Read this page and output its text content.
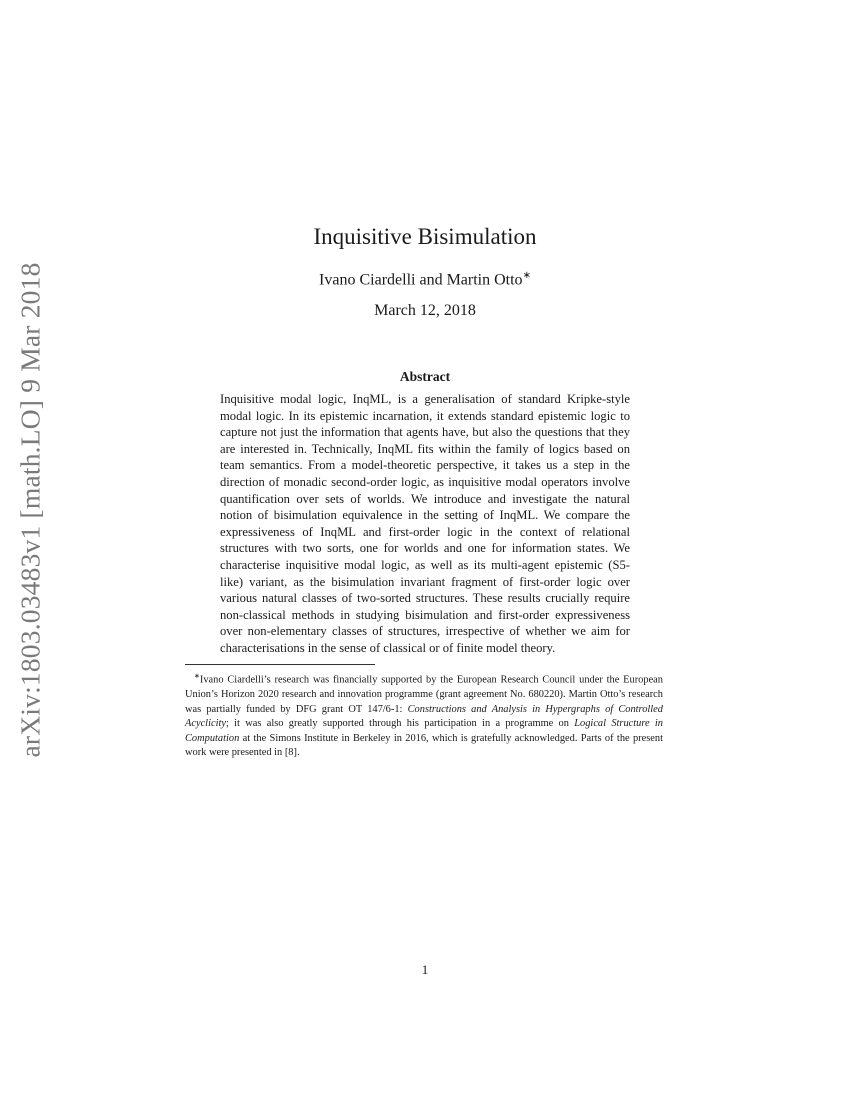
arXiv:1803.03483v1 [math.LO] 9 Mar 2018
Inquisitive Bisimulation
Ivano Ciardelli and Martin Otto∗
March 12, 2018
Abstract

Inquisitive modal logic, InqML, is a generalisation of standard Kripke-style modal logic. In its epistemic incarnation, it extends standard epistemic logic to capture not just the information that agents have, but also the questions that they are interested in. Technically, InqML fits within the family of logics based on team semantics. From a model-theoretic perspective, it takes us a step in the direction of monadic second-order logic, as inquisitive modal operators involve quantification over sets of worlds. We introduce and investigate the natural notion of bisimulation equivalence in the setting of InqML. We compare the expressiveness of InqML and first-order logic in the context of relational structures with two sorts, one for worlds and one for information states. We characterise inquisitive modal logic, as well as its multi-agent epistemic (S5-like) variant, as the bisimulation invariant fragment of first-order logic over various natural classes of two-sorted structures. These results crucially require non-classical methods in studying bisimulation and first-order expressiveness over non-elementary classes of structures, irrespective of whether we aim for characterisations in the sense of classical or of finite model theory.

∗Ivano Ciardelli’s research was financially supported by the European Research Council under the European Union’s Horizon 2020 research and innovation programme (grant agreement No. 680220). Martin Otto’s research was partially funded by DFG grant OT 147/6-1: Constructions and Analysis in Hypergraphs of Controlled Acyclicity; it was also greatly supported through his participation in a programme on Logical Structure in Computation at the Simons Institute in Berkeley in 2016, which is gratefully acknowledged. Parts of the present work were presented in [8].

1
